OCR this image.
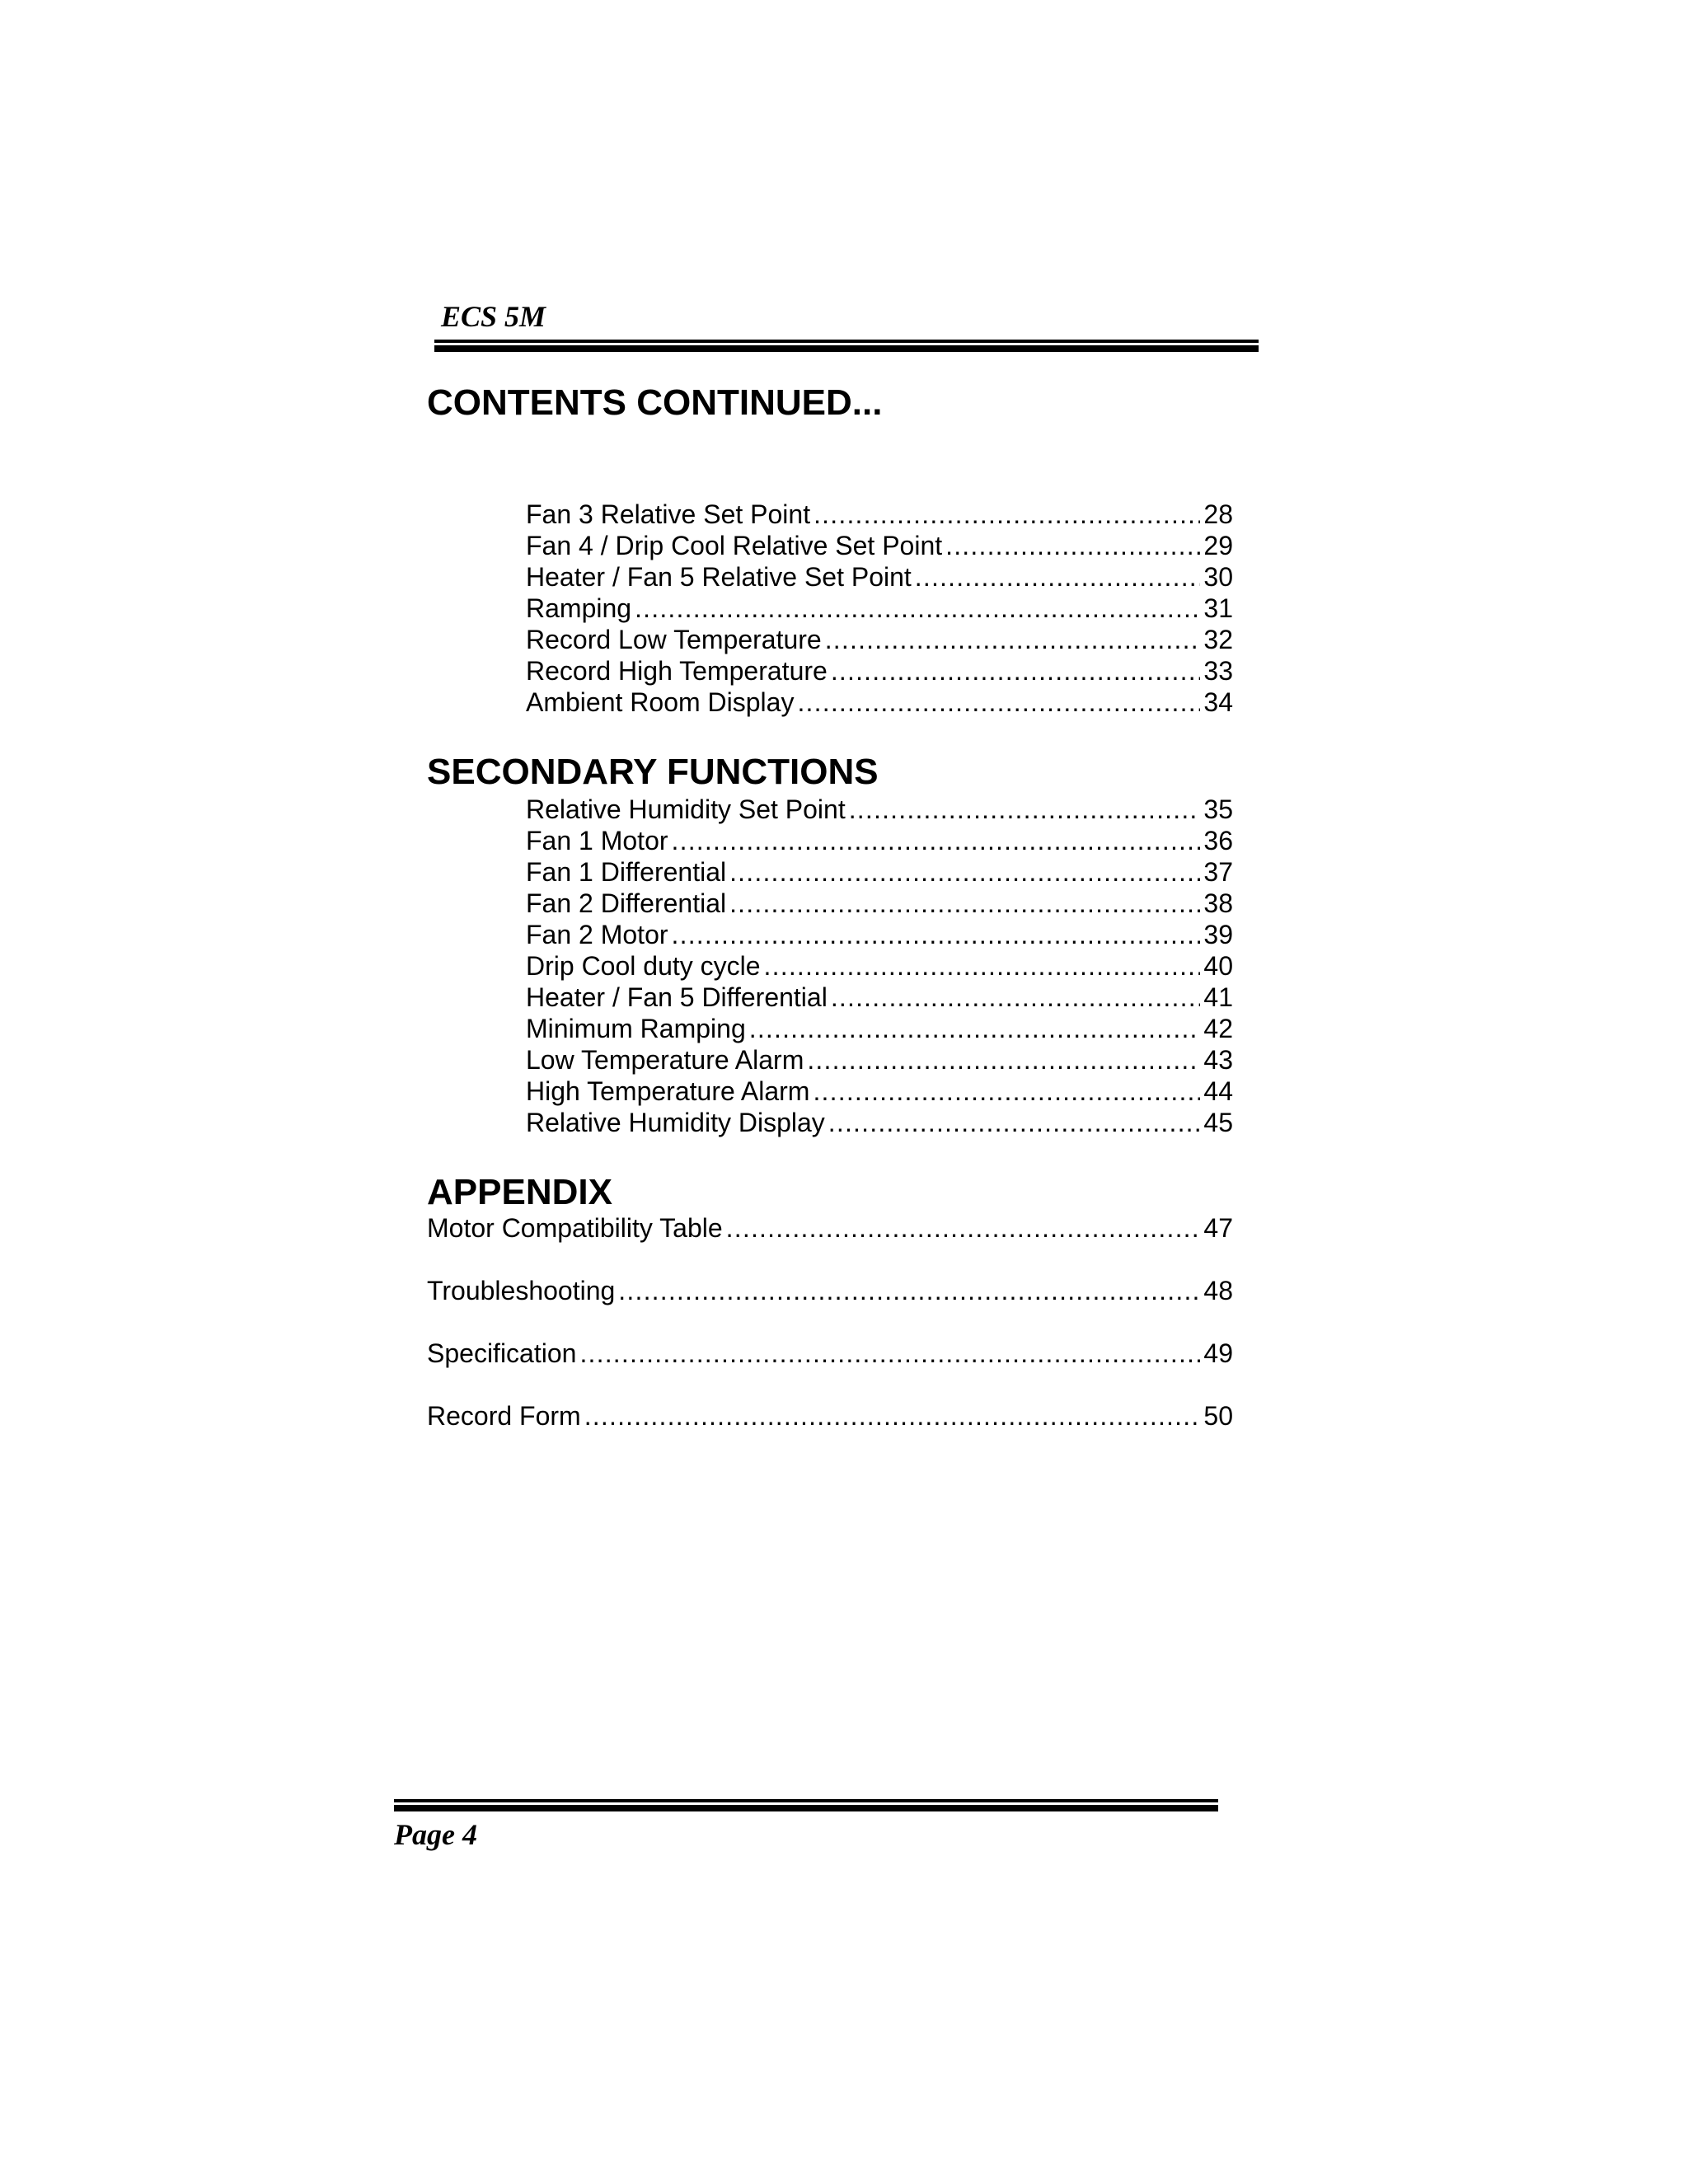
ECS 5M
CONTENTS CONTINUED...
Fan 3 Relative Set Point .....	28
Fan 4 / Drip Cool Relative Set Point .....	29
Heater / Fan 5 Relative Set Point .....	30
Ramping .....	31
Record Low Temperature .....	32
Record High Temperature .....	33
Ambient Room Display .....	34
SECONDARY FUNCTIONS
Relative Humidity Set Point .....	35
Fan 1 Motor .....	36
Fan 1 Differential .....	37
Fan 2 Differential .....	38
Fan 2 Motor .....	39
Drip Cool duty cycle .....	40
Heater / Fan 5 Differential .....	41
Minimum Ramping .....	42
Low Temperature Alarm .....	43
High Temperature Alarm .....	44
Relative Humidity Display .....	45
APPENDIX
Motor Compatibility Table .....	47
Troubleshooting .....	48
Specification .....	49
Record Form .....	50
Page 4
